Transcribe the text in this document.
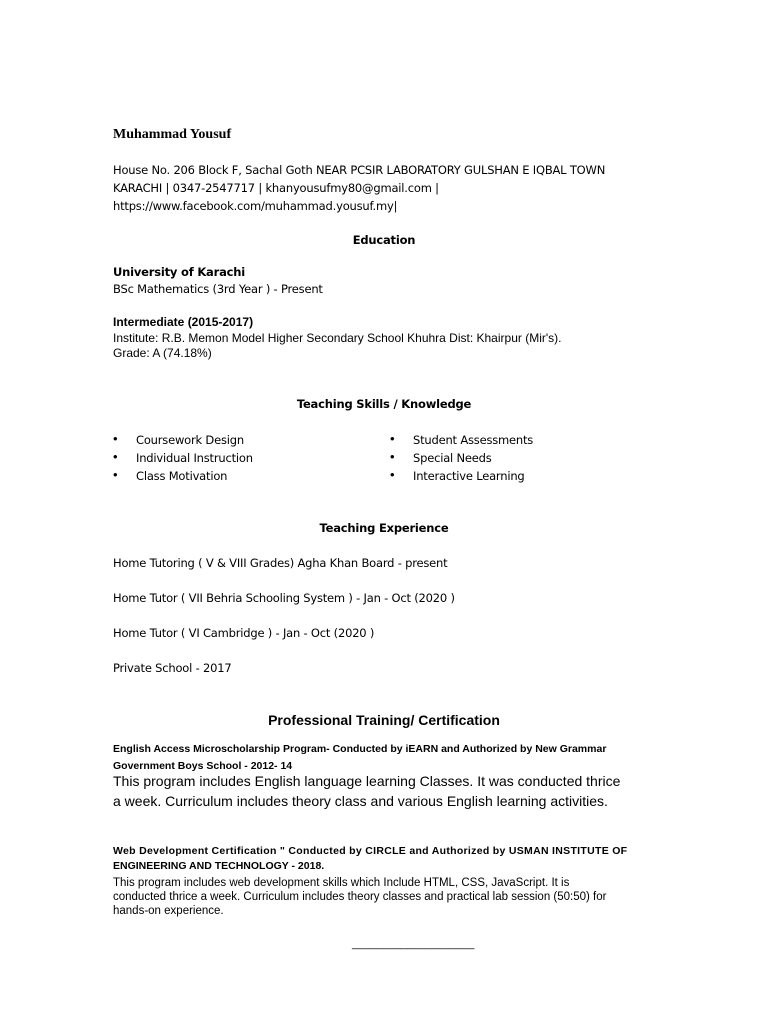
Muhammad Yousuf
House No. 206 Block F, Sachal Goth NEAR PCSIR LABORATORY GULSHAN E IQBAL TOWN
KARACHI | 0347-2547717 | khanyousufmy80@gmail.com |
https://www.facebook.com/muhammad.yousuf.my|
Education
University of Karachi
BSc Mathematics (3rd Year ) - Present
Intermediate (2015-2017)
Institute: R.B. Memon Model Higher Secondary School Khuhra Dist: Khairpur (Mir's).
Grade: A (74.18%)
Teaching Skills / Knowledge
• Coursework Design
• Individual Instruction
• Class Motivation
• Student Assessments
• Special Needs
• Interactive Learning
Teaching Experience
Home Tutoring ( V & VIII Grades) Agha Khan Board - present
Home Tutor ( VII Behria Schooling System ) - Jan - Oct (2020 )
Home Tutor ( VI Cambridge ) - Jan - Oct (2020 )
Private School - 2017
Professional Training/ Certification
English Access Microscholarship Program- Conducted by iEARN and Authorized by New Grammar
Government Boys School - 2012- 14
This program includes English language learning Classes. It was conducted thrice
a week. Curriculum includes theory class and various English learning activities.
Web Development Certification " Conducted by CIRCLE and Authorized by USMAN INSTITUTE OF
ENGINEERING AND TECHNOLOGY - 2018.
This program includes web development skills which Include HTML, CSS, JavaScript. It is
conducted thrice a week. Curriculum includes theory classes and practical lab session (50:50) for
hands-on experience.
____________________
